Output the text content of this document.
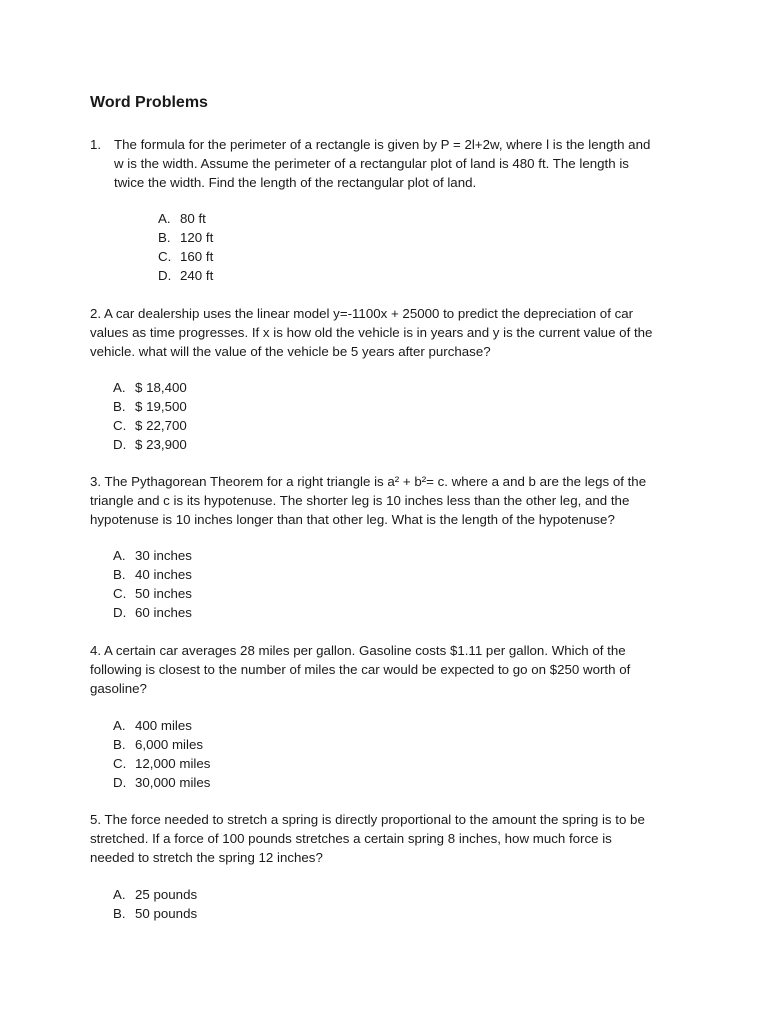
Word Problems
1. The formula for the perimeter of a rectangle is given by P = 2l+2w, where l is the length and
w is the width. Assume the perimeter of a rectangular plot of land is 480 ft. The length is
twice the width. Find the length of the rectangular plot of land.
A. 80 ft
B. 120 ft
C. 160 ft
D. 240 ft
2. A car dealership uses the linear model y=-1100x + 25000 to predict the depreciation of car
values as time progresses. If x is how old the vehicle is in years and y is the current value of the
vehicle. what will the value of the vehicle be 5 years after purchase?
A. $ 18,400
B. $ 19,500
C. $ 22,700
D. $ 23,900
3. The Pythagorean Theorem for a right triangle is a² + b²= c. where a and b are the legs of the
triangle and c is its hypotenuse. The shorter leg is 10 inches less than the other leg, and the
hypotenuse is 10 inches longer than that other leg. What is the length of the hypotenuse?
A. 30 inches
B. 40 inches
C. 50 inches
D. 60 inches
4. A certain car averages 28 miles per gallon. Gasoline costs $1.11 per gallon. Which of the
following is closest to the number of miles the car would be expected to go on $250 worth of
gasoline?
A. 400 miles
B. 6,000 miles
C. 12,000 miles
D. 30,000 miles
5. The force needed to stretch a spring is directly proportional to the amount the spring is to be
stretched. If a force of 100 pounds stretches a certain spring 8 inches, how much force is
needed to stretch the spring 12 inches?
A. 25 pounds
B. 50 pounds
